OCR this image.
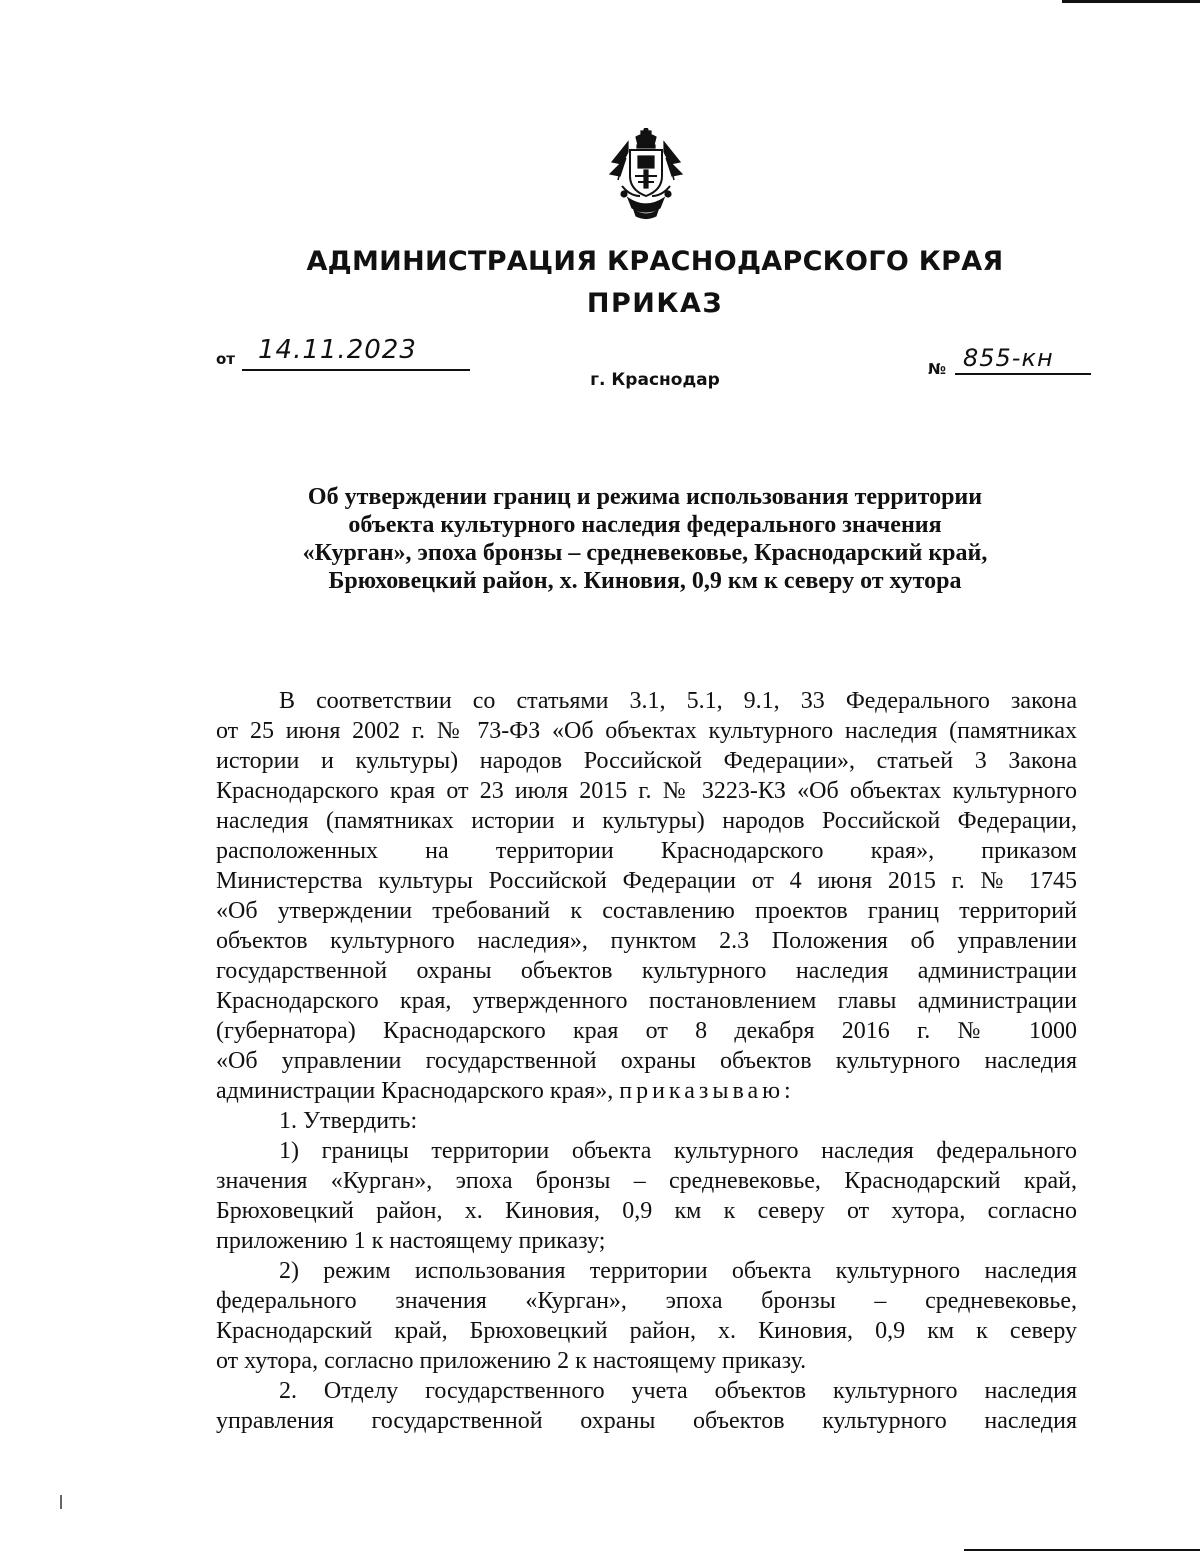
АДМИНИСТРАЦИЯ КРАСНОДАРСКОГО КРАЯ
ПРИКАЗ
от 14.11.2023
№ 855-кн
г. Краснодар
Об утверждении границ и режима использования территории
объекта культурного наследия федерального значения
«Курган», эпоха бронзы – средневековье, Краснодарский край,
Брюховецкий район, х. Киновия, 0,9 км к северу от хутора
В соответствии со статьями 3.1, 5.1, 9.1, 33 Федерального закона
от 25 июня 2002 г. № 73-ФЗ «Об объектах культурного наследия (памятниках
истории и культуры) народов Российской Федерации», статьей 3 Закона
Краснодарского края от 23 июля 2015 г. № 3223-КЗ «Об объектах культурного
наследия (памятниках истории и культуры) народов Российской Федерации,
расположенных на территории Краснодарского края», приказом
Министерства культуры Российской Федерации от 4 июня 2015 г. № 1745
«Об утверждении требований к составлению проектов границ территорий
объектов культурного наследия», пунктом 2.3 Положения об управлении
государственной охраны объектов культурного наследия администрации
Краснодарского края, утвержденного постановлением главы администрации
(губернатора) Краснодарского края от 8 декабря 2016 г. № 1000
«Об управлении государственной охраны объектов культурного наследия
администрации Краснодарского края», приказываю:
1. Утвердить:
1) границы территории объекта культурного наследия федерального
значения «Курган», эпоха бронзы – средневековье, Краснодарский край,
Брюховецкий район, х. Киновия, 0,9 км к северу от хутора, согласно
приложению 1 к настоящему приказу;
2) режим использования территории объекта культурного наследия
федерального значения «Курган», эпоха бронзы – средневековье,
Краснодарский край, Брюховецкий район, х. Киновия, 0,9 км к северу
от хутора, согласно приложению 2 к настоящему приказу.
2. Отделу государственного учета объектов культурного наследия
управления государственной охраны объектов культурного наследия
